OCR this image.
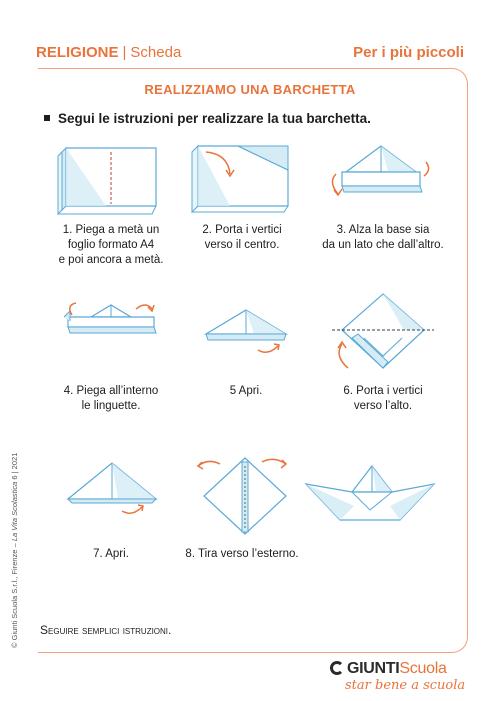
RELIGIONE | Scheda	Per i più piccoli
REALIZZIAMO UNA BARCHETTA
Segui le istruzioni per realizzare la tua barchetta.
1. Piega a metà un
foglio formato A4
e poi ancora a metà.
2. Porta i vertici
verso il centro.
3. Alza la base sia
da un lato che dall’altro.
4. Piega all’interno
le linguette.
5 Apri.	6. Porta i vertici
verso l’alto.
7. Apri.	8. Tira verso l’esterno.
Seguire semplici istruzioni.
© Giunti Scuola S.r.l., Firenze – La Vita Scolastica 6 | 2021
GIUNTIScuola
star bene a scuola
